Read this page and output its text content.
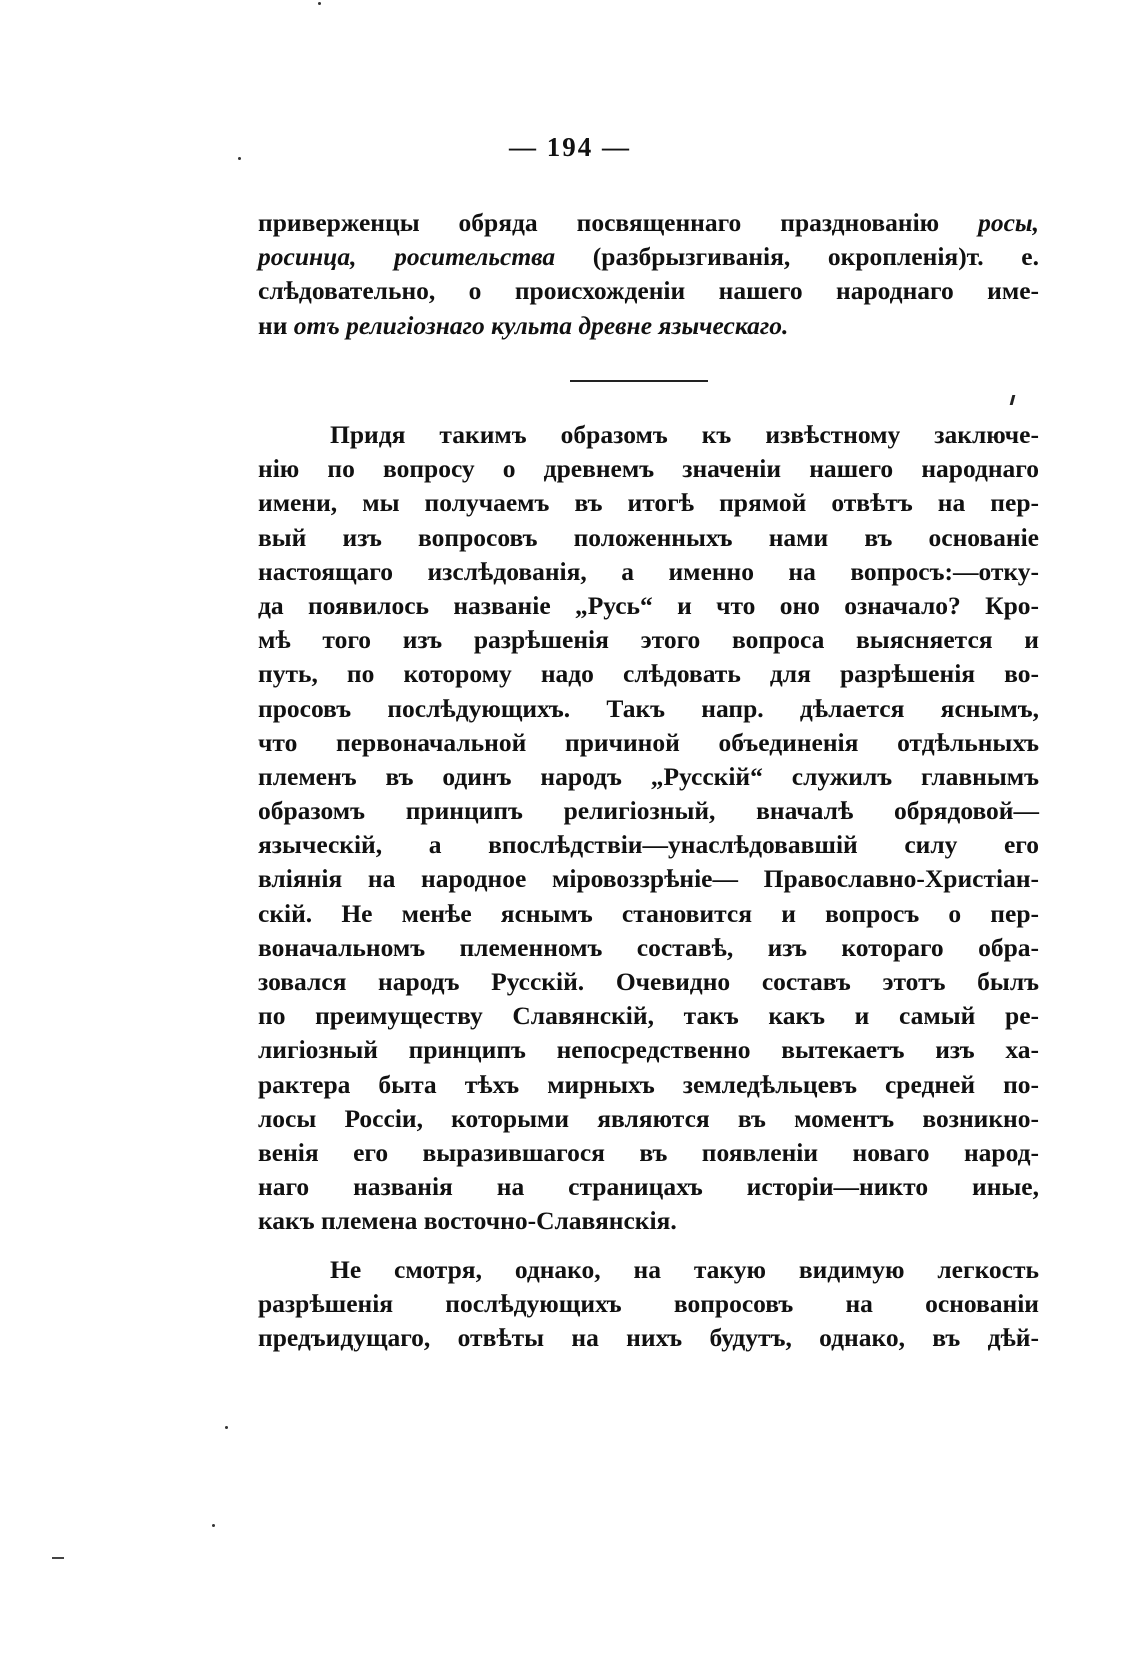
— 194 —
приверженцы обряда посвященнаго празднованію росы,
росинца, росительства (разбрызгиванія, окропленія)т. е.
слѣдовательно, о происхожденіи нашего народнаго име-
ни отъ религіознаго культа древне языческаго.
Придя такимъ образомъ къ извѣстному заключе-
нію по вопросу о древнемъ значеніи нашего народнаго
имени, мы получаемъ въ итогѣ прямой отвѣтъ на пер-
вый изъ вопросовъ положенныхъ нами въ основаніе
настоящаго изслѣдованія, а именно на вопросъ:—отку-
да появилось названіе „Русь“ и что оно означало? Кро-
мѣ того изъ разрѣшенія этого вопроса выясняется и
путь, по которому надо слѣдовать для разрѣшенія во-
просовъ послѣдующихъ. Такъ напр. дѣлается яснымъ,
что первоначальной причиной объединенія отдѣльныхъ
племенъ въ одинъ народъ „Русскій“ служилъ главнымъ
образомъ принципъ религіозный, вначалѣ обрядовой—
языческій, а впослѣдствіи—унаслѣдовавшій силу его
вліянія на народное міровоззрѣніе— Православно-Христіан-
скій. Не менѣе яснымъ становится и вопросъ о пер-
воначальномъ племенномъ составѣ, изъ котораго обра-
зовался народъ Русскій. Очевидно составъ этотъ былъ
по преимуществу Славянскій, такъ какъ и самый ре-
лигіозный принципъ непосредственно вытекаетъ изъ ха-
рактера быта тѣхъ мирныхъ земледѣльцевъ средней по-
лосы Россіи, которыми являются въ моментъ возникно-
венія его выразившагося въ появленіи новаго народ-
наго названія на страницахъ исторіи—никто иные,
какъ племена восточно-Славянскія.
Не смотря, однако, на такую видимую легкость
разрѣшенія послѣдующихъ вопросовъ на основаніи
предъидущаго, отвѣты на нихъ будутъ, однако, въ дѣй-
